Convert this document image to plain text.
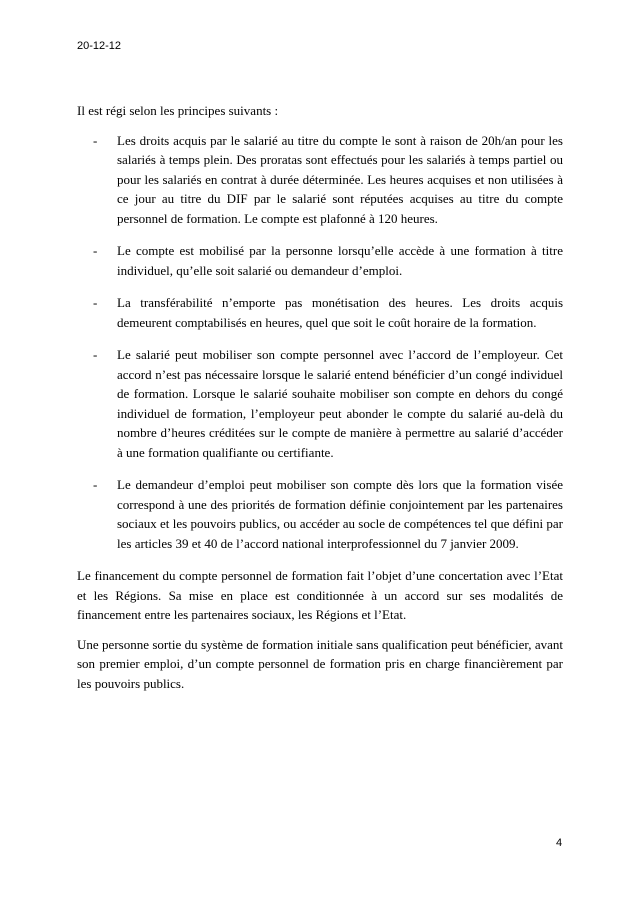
20-12-12

Il est régi selon les principes suivants :

- Les droits acquis par le salarié au titre du compte le sont à raison de 20h/an pour les salariés à temps plein. Des proratas sont effectués pour les salariés à temps partiel ou pour les salariés en contrat à durée déterminée. Les heures acquises et non utilisées à ce jour au titre du DIF par le salarié sont réputées acquises au titre du compte personnel de formation. Le compte est plafonné à 120 heures.
- Le compte est mobilisé par la personne lorsqu’elle accède à une formation à titre individuel, qu’elle soit salarié ou demandeur d’emploi.
- La transférabilité n’emporte pas monétisation des heures. Les droits acquis demeurent comptabilisés en heures, quel que soit le coût horaire de la formation.
- Le salarié peut mobiliser son compte personnel avec l’accord de l’employeur. Cet accord n’est pas nécessaire lorsque le salarié entend bénéficier d’un congé individuel de formation. Lorsque le salarié souhaite mobiliser son compte en dehors du congé individuel de formation, l’employeur peut abonder le compte du salarié au-delà du nombre d’heures créditées sur le compte de manière à permettre au salarié d’accéder à une formation qualifiante ou certifiante.
- Le demandeur d’emploi peut mobiliser son compte dès lors que la formation visée correspond à une des priorités de formation définie conjointement par les partenaires sociaux et les pouvoirs publics, ou accéder au socle de compétences tel que défini par les articles 39 et 40 de l’accord national interprofessionnel du 7 janvier 2009.

Le financement du compte personnel de formation fait l’objet d’une concertation avec l’Etat et les Régions. Sa mise en place est conditionnée à un accord sur ses modalités de financement entre les partenaires sociaux, les Régions et l’Etat.

Une personne sortie du système de formation initiale sans qualification peut bénéficier, avant son premier emploi, d’un compte personnel de formation pris en charge financièrement par les pouvoirs publics.

4
